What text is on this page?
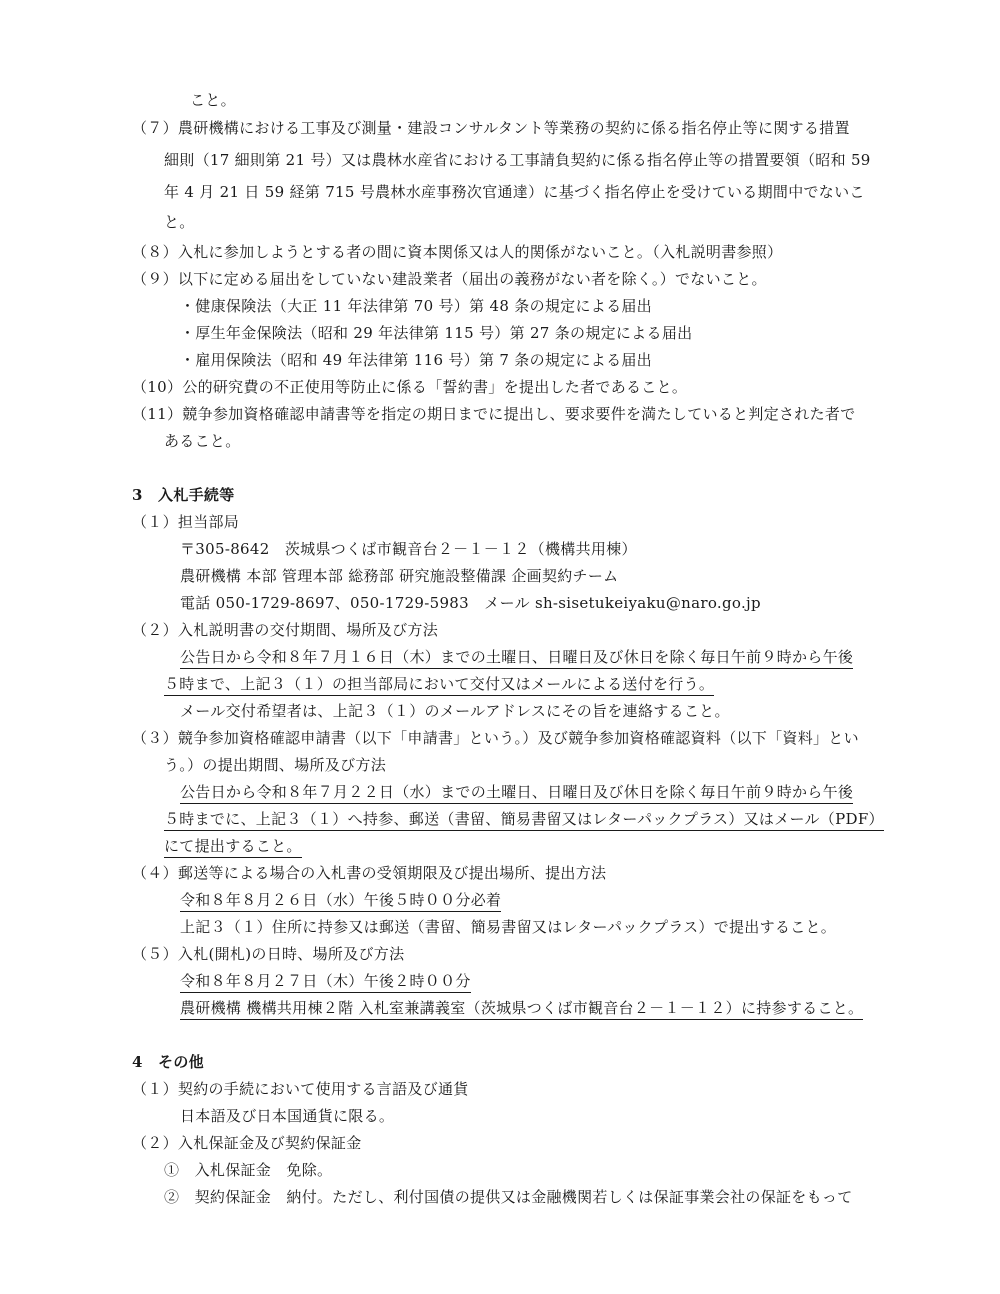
こと。
（７）農研機構における工事及び測量・建設コンサルタント等業務の契約に係る指名停止等に関する措置
細則（17 細則第 21 号）又は農林水産省における工事請負契約に係る指名停止等の措置要領（昭和 59
年 4 月 21 日 59 経第 715 号農林水産事務次官通達）に基づく指名停止を受けている期間中でないこ
と。
（８）入札に参加しようとする者の間に資本関係又は人的関係がないこと。（入札説明書参照）
（９）以下に定める届出をしていない建設業者（届出の義務がない者を除く。）でないこと。
・健康保険法（大正 11 年法律第 70 号）第 48 条の規定による届出
・厚生年金保険法（昭和 29 年法律第 115 号）第 27 条の規定による届出
・雇用保険法（昭和 49 年法律第 116 号）第 7 条の規定による届出
（10）公的研究費の不正使用等防止に係る「誓約書」を提出した者であること。
（11）競争参加資格確認申請書等を指定の期日までに提出し、要求要件を満たしていると判定された者で
あること。
3　入札手続等
（１）担当部局
〒305-8642　茨城県つくば市観音台２－１－１２（機構共用棟）
農研機構 本部 管理本部 総務部 研究施設整備課 企画契約チーム
電話 050-1729-8697、050-1729-5983　メール sh-sisetukeiyaku@naro.go.jp
（２）入札説明書の交付期間、場所及び方法
公告日から令和８年７月１６日（木）までの土曜日、日曜日及び休日を除く毎日午前９時から午後
５時まで、上記３（１）の担当部局において交付又はメールによる送付を行う。
メール交付希望者は、上記３（１）のメールアドレスにその旨を連絡すること。
（３）競争参加資格確認申請書（以下「申請書」という。）及び競争参加資格確認資料（以下「資料」とい
う。）の提出期間、場所及び方法
公告日から令和８年７月２２日（水）までの土曜日、日曜日及び休日を除く毎日午前９時から午後
５時までに、上記３（１）へ持参、郵送（書留、簡易書留又はレターパックプラス）又はメール（PDF）
にて提出すること。
（４）郵送等による場合の入札書の受領期限及び提出場所、提出方法
令和８年８月２６日（水）午後５時００分必着
上記３（１）住所に持参又は郵送（書留、簡易書留又はレターパックプラス）で提出すること。
（５）入札(開札)の日時、場所及び方法
令和８年８月２７日（木）午後２時００分
農研機構 機構共用棟２階 入札室兼講義室（茨城県つくば市観音台２－１－１２）に持参すること。
4　その他
（１）契約の手続において使用する言語及び通貨
日本語及び日本国通貨に限る。
（２）入札保証金及び契約保証金
①　入札保証金　免除。
②　契約保証金　納付。ただし、利付国債の提供又は金融機関若しくは保証事業会社の保証をもって
